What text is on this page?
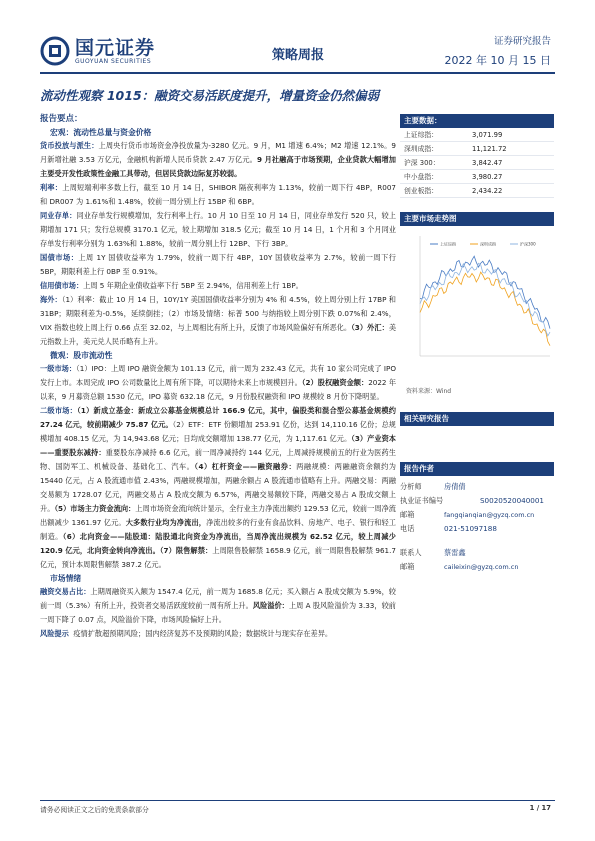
国元证券
GUOYUAN SECURITIES	策略周报
证券研究报告
2022 年 10 月 15 日
流动性观察 1015：融资交易活跃度提升，增量资金仍然偏弱
报告要点：
宏观：流动性总量与资金价格

货币投放与派生：上周央行货币市场资金净投放量为-3280 亿元。9 月，M1 增速 6.4%；M2 增速 12.1%。9 月新增社融 3.53 万亿元，金融机构新增人民币贷款 2.47 万亿元。9 月社融高于市场预期，企业贷款大幅增加主要受开发性政策性金融工具带动，但居民贷款边际复苏较弱。

利率：上周短端利率多数上行，截至 10 月 14 日，SHIBOR 隔夜利率为 1.13%，较前一周下行 4BP，R007 和 DR007 为 1.61%和 1.48%，较前一周分别上行 15BP 和 6BP。

同业存单：同业存单发行规模增加，发行利率上行。10 月 10 日至 10 月 14 日，同业存单发行 520 只，较上期增加 171 只；发行总规模 3170.1 亿元，较上期增加 318.5 亿元；截至 10 月 14 日，1 个月和 3 个月同业存单发行利率分别为 1.63%和 1.88%，较前一周分别上行 12BP、下行 3BP。

国债市场：上周 1Y 国债收益率为 1.79%，较前一周下行 4BP，10Y 国债收益率为 2.7%，较前一周下行 5BP，期限利差上行 0BP 至 0.91%。

信用债市场：上周 5 年期企业债收益率下行 5BP 至 2.94%，信用利差上行 1BP。

海外：（1）利率：截止 10 月 14 日，10Y/1Y 美国国债收益率分别为 4% 和 4.5%，较上周分别上行 17BP 和 31BP；期限利差为-0.5%，延续倒挂；（2）市场及情绪：标普 500 与纳指较上周分别下跌 0.07%和 2.4%，VIX 指数也较上周上行 0.66 点至 32.02，与上周相比有所上升，反馈了市场风险偏好有所恶化。（3）外汇：美元指数上升，美元兑人民币略有上升。

微观：股市流动性

一级市场：（1）IPO：上周 IPO 融资金额为 101.13 亿元，前一周为 232.43 亿元，共有 10 家公司完成了 IPO 发行上市。本周完成 IPO 公司数量比上周有所下降，可以期待未来上市规模回升。（2）股权融资金额：2022 年以来，9 月募资总额 1530 亿元，IPO 募资 632.18 亿元，9 月份股权融资和 IPO 规模较 8 月份下降明显。

二级市场：（1）新成立基金：新成立公募基金规模总计 166.9 亿元，其中，偏股类和混合型公募基金规模约 27.24 亿元，较前期减少 75.87 亿元。（2）ETF：ETF 份额增加 253.91 亿份，达到 14,110.16 亿份；总规模增加 408.15 亿元，为 14,943.68 亿元；日均成交额增加 138.77 亿元，为 1,117.61 亿元。（3）产业资本——重要股东减持：重要股东净减持 6.6 亿元，前一周净减持约 144 亿元，上周减持规模前五的行业为医药生物、国防军工、机械设备、基础化工、汽车。（4）杠杆资金——融资融券：两融规模：两融融资余额约为 15440 亿元，占 A 股流通市值 2.43%，两融规模增加，两融余额占 A 股流通市值略有上升。两融交易：两融交易额为 1728.07 亿元，两融交易占 A 股成交额为 6.57%，两融交易额较下降，两融交易占 A 股成交额上升。（5）市场主力资金流向：上周市场资金流向统计显示，全行业主力净流出额约 129.53 亿元，较前一周净流出额减少 1361.97 亿元。大多数行业均为净流出，净流出较多的行业有食品饮料、房地产、电子、银行和轻工制造。（6）北向资金——陆股通：陆股通北向资金为净流出，当周净流出规模为 62.52 亿元，较上周减少 120.9 亿元，北向资金转向净流出。（7）限售解禁：上周限售股解禁 1658.9 亿元，前一周限售股解禁 961.7 亿元，预计本周限售解禁 387.2 亿元。

市场情绪

融资交易占比：上期周融资买入额为 1547.4 亿元，前一周为 1685.8 亿元；买入额占 A 股成交额为 5.9%，较前一周（5.3%）有所上升，投资者交易活跃度较前一周有所上升。风险溢价：上周 A 股风险溢价为 3.33，较前一周下降了 0.07 点，风险溢价下降，市场风险偏好上升。

风险提示 疫情扩散超预期风险；国内经济复苏不及预期的风险；数据统计与现实存在差异。

主要数据：
上证综指：	3,071.99
深圳成指：	11,121.72
沪深 300：	3,842.47
中小盘指：	3,980.27
创业板指：	2,434.22
主要市场走势图
上证综指	深圳成指	沪深300
资料来源：Wind
相关研究报告
报告作者
分析师	房倩倩
执业证书编号	S0020520040001
邮箱	fangqianqian@gyzq.com.cn
电话	021-51097188
联系人	蔡雷鑫
邮箱	caileixin@gyzq.com.cn
请务必阅读正文之后的免责条款部分	1 / 17
